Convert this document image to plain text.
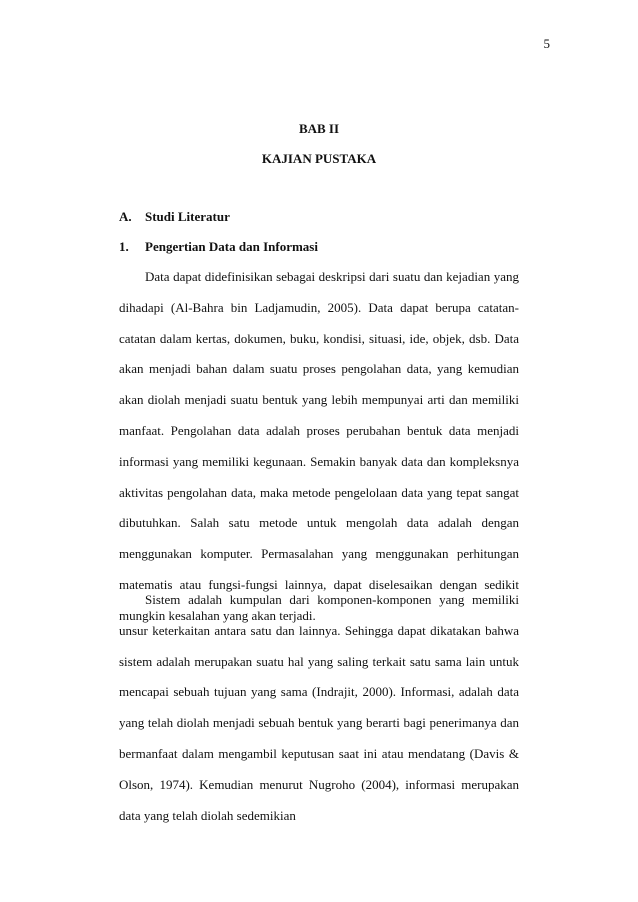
5
BAB II
KAJIAN PUSTAKA
A. Studi Literatur
1. Pengertian Data dan Informasi

Data dapat didefinisikan sebagai deskripsi dari suatu dan kejadian yang dihadapi (Al-Bahra bin Ladjamudin, 2005). Data dapat berupa catatan-catatan dalam kertas, dokumen, buku, kondisi, situasi, ide, objek, dsb. Data akan menjadi bahan dalam suatu proses pengolahan data, yang kemudian akan diolah menjadi suatu bentuk yang lebih mempunyai arti dan memiliki manfaat. Pengolahan data adalah proses perubahan bentuk data menjadi informasi yang memiliki kegunaan. Semakin banyak data dan kompleksnya aktivitas pengolahan data, maka metode pengelolaan data yang tepat sangat dibutuhkan. Salah satu metode untuk mengolah data adalah dengan menggunakan komputer. Permasalahan yang menggunakan perhitungan matematis atau fungsi-fungsi lainnya, dapat diselesaikan dengan sedikit mungkin kesalahan yang akan terjadi.

Sistem adalah kumpulan dari komponen-komponen yang memiliki unsur keterkaitan antara satu dan lainnya. Sehingga dapat dikatakan bahwa sistem adalah merupakan suatu hal yang saling terkait satu sama lain untuk mencapai sebuah tujuan yang sama (Indrajit, 2000). Informasi, adalah data yang telah diolah menjadi sebuah bentuk yang berarti bagi penerimanya dan bermanfaat dalam mengambil keputusan saat ini atau mendatang (Davis & Olson, 1974). Kemudian menurut Nugroho (2004), informasi merupakan data yang telah diolah sedemikian
